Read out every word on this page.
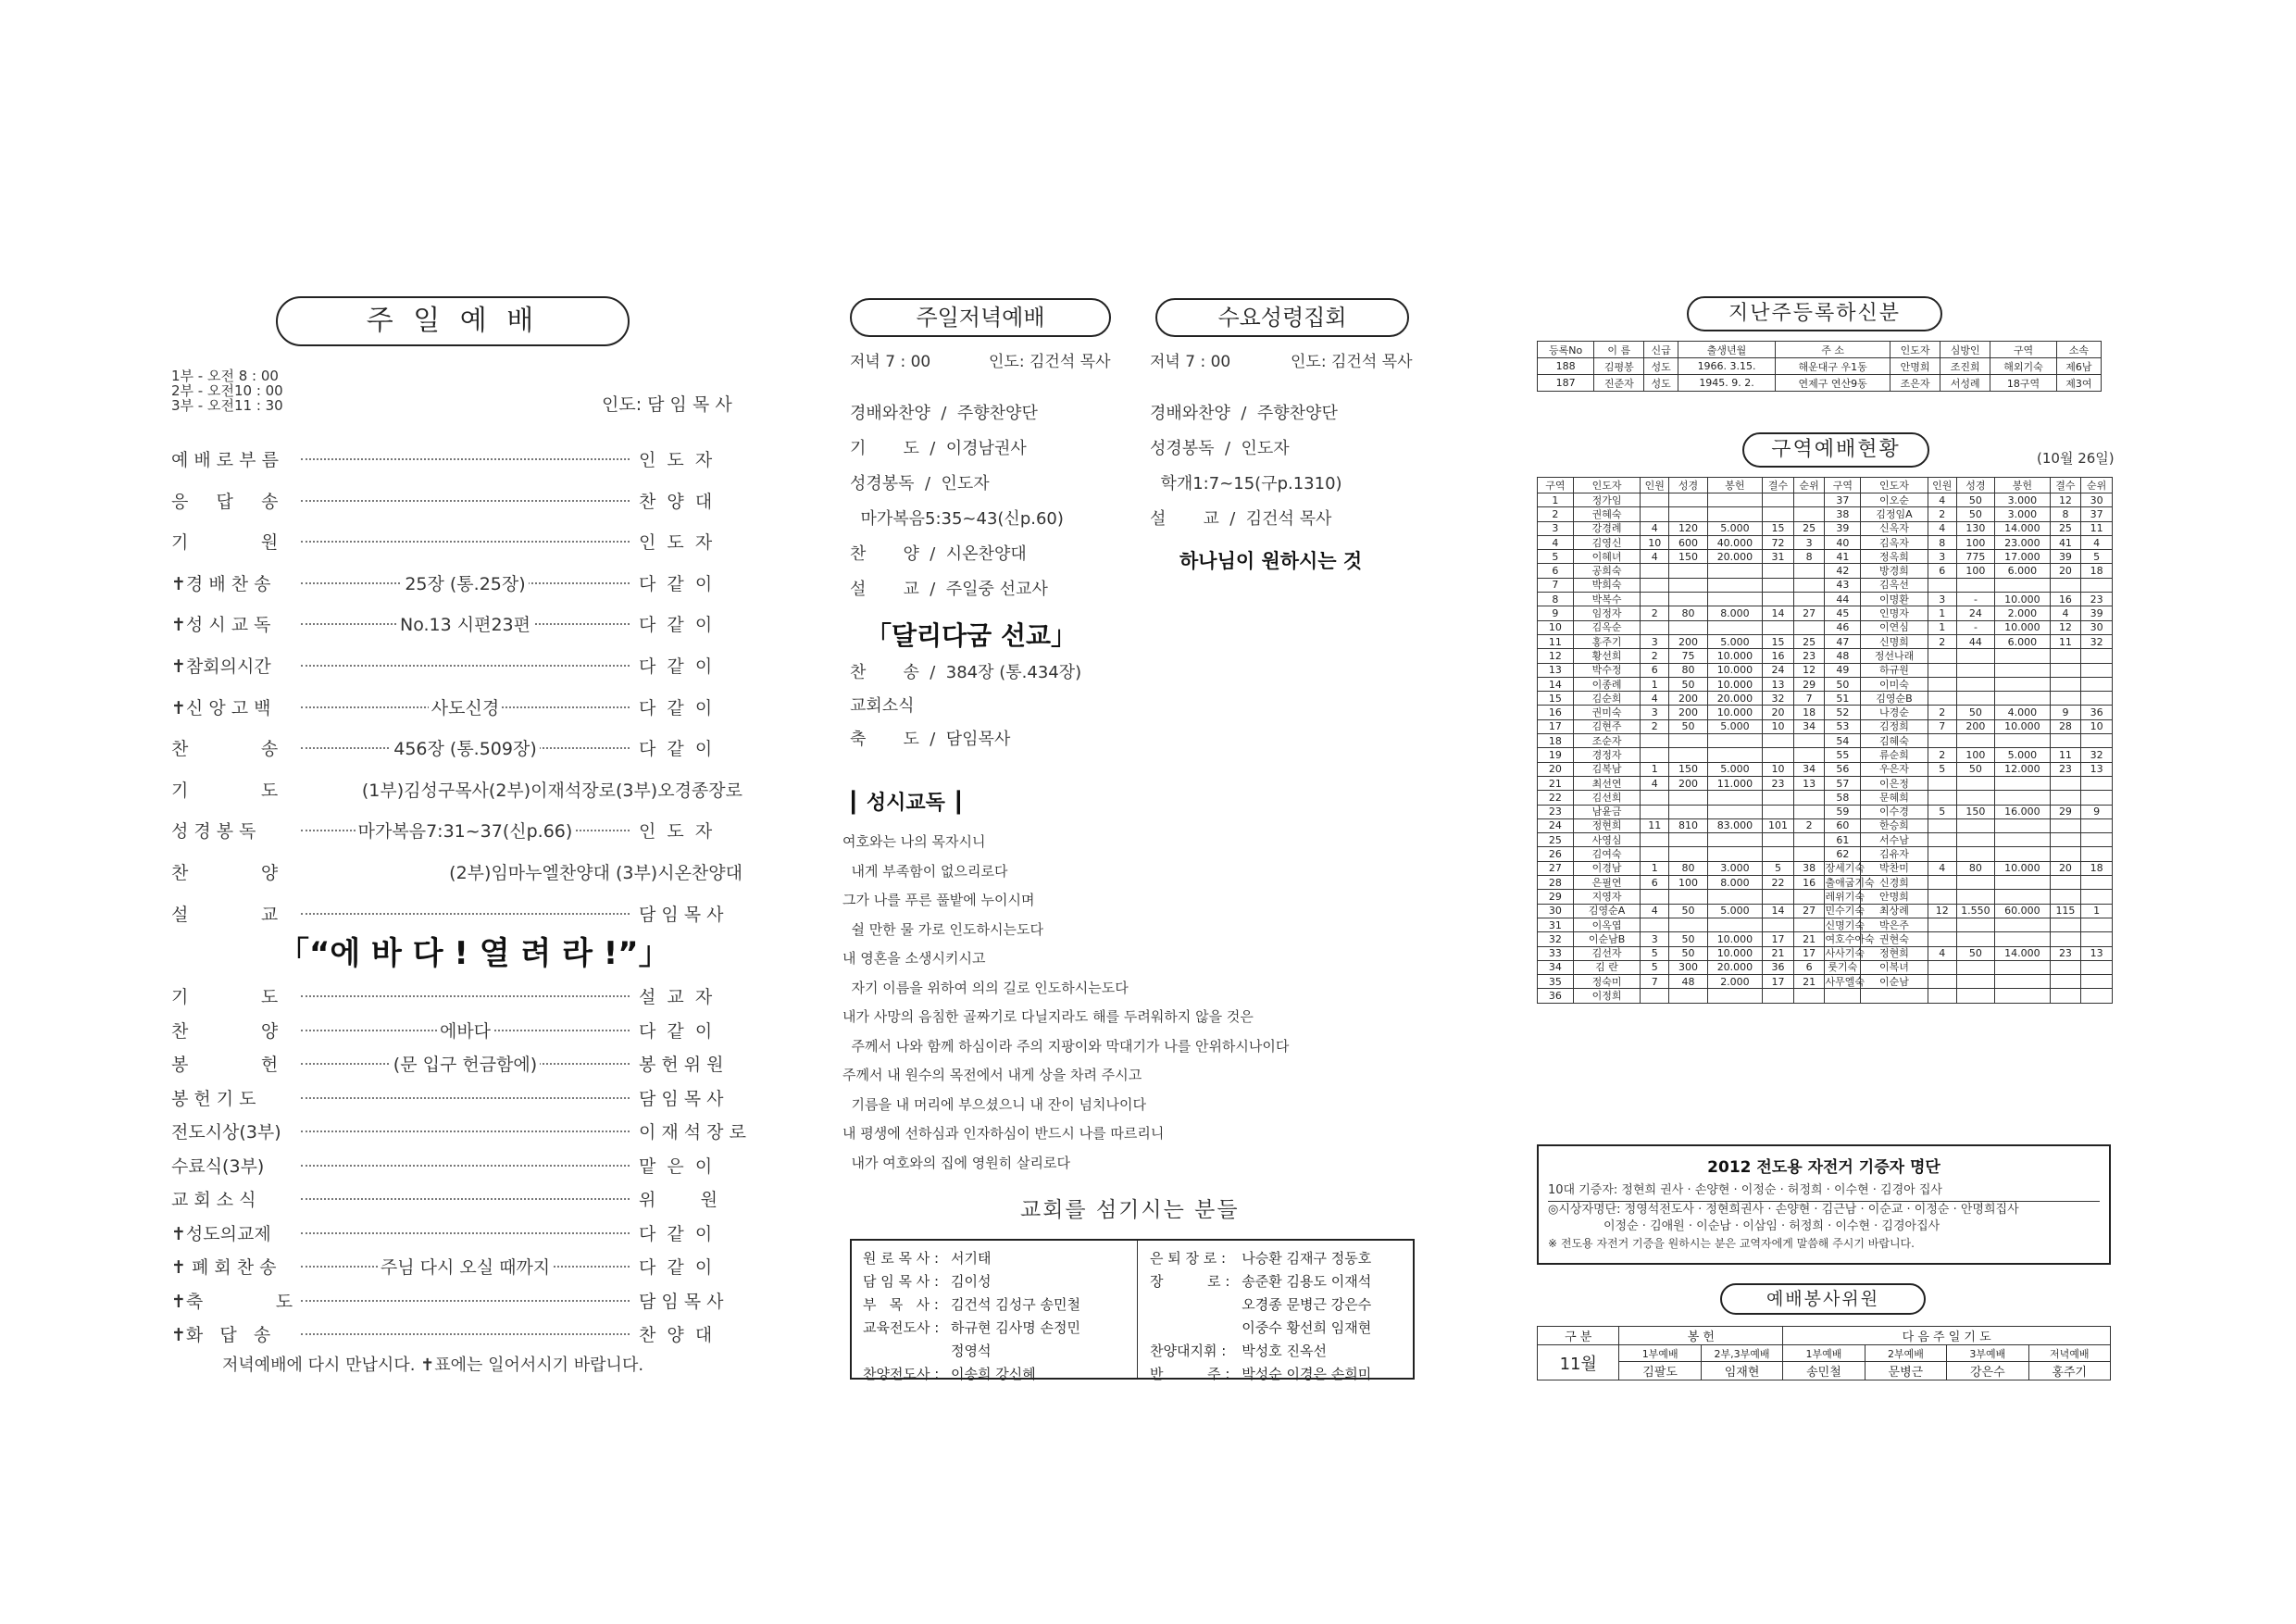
주 일 예 배
1부 - 오전 8 : 00
2부 - 오전10 : 00
3부 - 오전11 : 30	인도: 담 임 목 사
예 배 로 부 름	인  도  자
응     답     송	찬  양  대
기             원	인  도  자
✝경 배 찬 송	25장 (통.25장)	다  같  이
✝성 시 교 독	No.13 시편23편	다  같  이
✝참회의시간	다  같  이
✝신 앙 고 백	사도신경	다  같  이
찬             송	456장 (통.509장)	다  같  이
기             도	(1부)김성구목사(2부)이재석장로(3부)오경종장로
성 경 봉 독	마가복음7:31~37(신p.66)	인  도  자
찬             양	(2부)임마누엘찬양대 (3부)시온찬양대
설             교	담 임 목 사
「“에 바 다 ! 열 려 라 !”」
기             도	설  교  자
찬             양	에바다	다  같  이
봉             헌	(문 입구 헌금함에)	봉 헌 위 원
봉 헌 기 도	담 임 목 사
전도시상(3부)	이 재 석 장 로
수료식(3부)	맡  은  이
교 회 소 식	위        원
✝성도의교제	다  같  이
✝ 폐 회 찬 송	주님 다시 오실 때까지	다  같  이
✝축             도	담 임 목 사
✝화   답   송	찬  양  대
저녁예배에 다시 만납시다. ✝표에는 일어서시기 바랍니다.
주일저녁예배	수요성령집회
저녁 7 : 00	인도: 김건석 목사	저녁 7 : 00	인도: 김건석 목사
경배와찬양  /  주향찬양단
기       도  /  이경남권사
성경봉독  /  인도자
마가복음5:35~43(신p.60)
찬       양  /  시온찬양대
설       교  /  주일중 선교사
「달리다굼 선교」
찬       송  /  384장 (통.434장)
교회소식
축       도  /  담임목사
경배와찬양  /  주향찬양단
성경봉독  /  인도자
학개1:7~15(구p.1310)
설       교  /  김건석 목사
하나님이 원하시는 것
┃ 성시교독 ┃
여호와는 나의 목자시니
내게 부족함이 없으리로다
그가 나를 푸른 풀밭에 누이시며
쉴 만한 물 가로 인도하시는도다
내 영혼을 소생시키시고
자기 이름을 위하여 의의 길로 인도하시는도다
내가 사망의 음침한 골짜기로 다닐지라도 해를 두려워하지 않을 것은
주께서 나와 함께 하심이라 주의 지팡이와 막대기가 나를 안위하시나이다
주께서 내 원수의 목전에서 내게 상을 차려 주시고
기름을 내 머리에 부으셨으니 내 잔이 넘치나이다
내 평생에 선하심과 인자하심이 반드시 나를 따르리니
내가 여호와의 집에 영원히 살리로다
교회를 섬기시는 분들
원 로 목 사 :	서기태
담 임 목 사 :	김이성
부   목   사 :	김건석 김성구 송민철
교육전도사 :	하규현 김사명 손정민
	정영석
찬양전도사 :	이송희 강신혜
은 퇴 장 로 :	나승환 김재구 정동호
장          로 :	송준환 김용도 이재석
	오경종 문병근 강은수
	이중수 황선희 임재현
찬양대지휘 :	박성호 진옥선
반          주 :	박성순 이경은 손희미
지난주등록하신분
등록No	이 름	신급	출생년월	주 소	인도자	심방인	구역	소속
188	김평봉	성도	1966. 3.15.	해운대구 우1동	안명희	조진희	해외기숙	제6남
187	진준자	성도	1945. 9. 2.	연제구 연산9동	조은자	서성례	18구역	제3여
구역예배현황	(10월 26일)
구역	인도자	인원	성경	봉헌	결수	순위	구역	인도자	인원	성경	봉헌	결수	순위
1	정가임						37	이오순	4	50	3.000	12	30
2	권혜숙						38	김정임A	2	50	3.000	8	37
3	강경례	4	120	5.000	15	25	39	신옥자	4	130	14.000	25	11
4	김영신	10	600	40.000	72	3	40	김옥자	8	100	23.000	41	4
5	이혜녀	4	150	20.000	31	8	41	정옥희	3	775	17.000	39	5
6	공희숙						42	방경희	6	100	6.000	20	18
7	박희숙						43	김옥선					
8	박복수						44	이명환	3	-	10.000	16	23
9	임정자	2	80	8.000	14	27	45	인명자	1	24	2.000	4	39
10	김옥순						46	이연심	1	-	10.000	12	30
11	홍주기	3	200	5.000	15	25	47	신명희	2	44	6.000	11	32
12	황선희	2	75	10.000	16	23	48	정선나래					
13	박수정	6	80	10.000	24	12	49	하규원					
14	이종례	1	50	10.000	13	29	50	이미숙					
15	김순희	4	200	20.000	32	7	51	김영순B					
16	권미숙	3	200	10.000	20	18	52	나경순	2	50	4.000	9	36
17	김현주	2	50	5.000	10	34	53	김정희	7	200	10.000	28	10
18	조순자						54	김혜숙					
19	경정자						55	류순희	2	100	5.000	11	32
20	김복남	1	150	5.000	10	34	56	우은자	5	50	12.000	23	13
21	최선연	4	200	11.000	23	13	57	이은정					
22	김선희						58	문혜희					
23	남윤금						59	이수경	5	150	16.000	29	9
24	정현희	11	810	83.000	101	2	60	한승희					
25	사영심						61	서수남					
26	김여숙						62	김유자					
27	이경남	1	80	3.000	5	38	장세기숙	박찬미	4	80	10.000	20	18
28	은필연	6	100	8.000	22	16	출애굽기숙	신경희					
29	지영자						레위기숙	안명희					
30	김영순A	4	50	5.000	14	27	민수기숙	최상례	12	1.550	60.000	115	1
31	이옥엽						신명기숙	박은주					
32	이순남B	3	50	10.000	17	21	여호수아숙	권현숙					
33	김선자	5	50	10.000	21	17	사사기숙	정현희	4	50	14.000	23	13
34	김 란	5	300	20.000	36	6	룻기숙	이복녀					
35	정숙미	7	48	2.000	17	21	사무엘숙	이순남					
36	이정희												
2012 전도용 자전거 기증자 명단
10대 기증자: 정현희 권사 · 손양현 · 이정순 · 허정희 · 이수현 · 김경아 집사
◎시상자명단: 정영석전도사 · 정현희권사 · 손양현 · 김근남 · 이순교 · 이정순 · 안명희집사
이정순 · 김애원 · 이순남 · 이삼임 · 허정희 · 이수현 · 김경아집사
※ 전도용 자전거 기증을 원하시는 분은 교역자에게 말씀해 주시기 바랍니다.
예배봉사위원
구 분	봉 헌		다 음 주 일 기 도			
11월	1부예배	2부,3부예배	1부예배	2부예배	3부예배	저녁예배
	김팔도	임재현	송민철	문병근	강은수	홍주기
